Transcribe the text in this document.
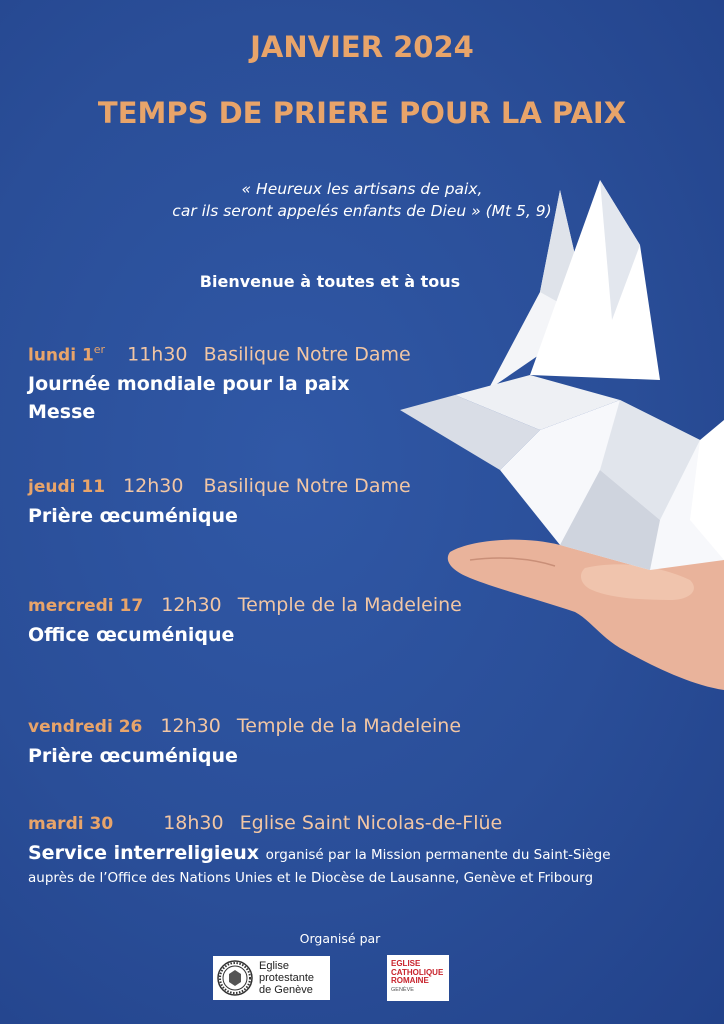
JANVIER 2024
TEMPS DE PRIERE POUR LA PAIX
« Heureux les artisans de paix,
car ils seront appelés enfants de Dieu » (Mt 5, 9)
Bienvenue à toutes et à tous
lundi 1er 11h30 Basilique Notre Dame
Journée mondiale pour la paix
Messe
jeudi 11 12h30 Basilique Notre Dame
Prière œcuménique
mercredi 17 12h30 Temple de la Madeleine
Office œcuménique
vendredi 26 12h30 Temple de la Madeleine
Prière œcuménique
mardi 30	18h30 Eglise Saint Nicolas-de-Flüe
Service interreligieux organisé par la Mission permanente du Saint-Siège
auprès de l’Office des Nations Unies et le Diocèse de Lausanne, Genève et Fribourg
Organisé par
Eglise
protestante
de Genève
EGLISE
CATHOLIQUE
ROMAINE
GENÈVE
